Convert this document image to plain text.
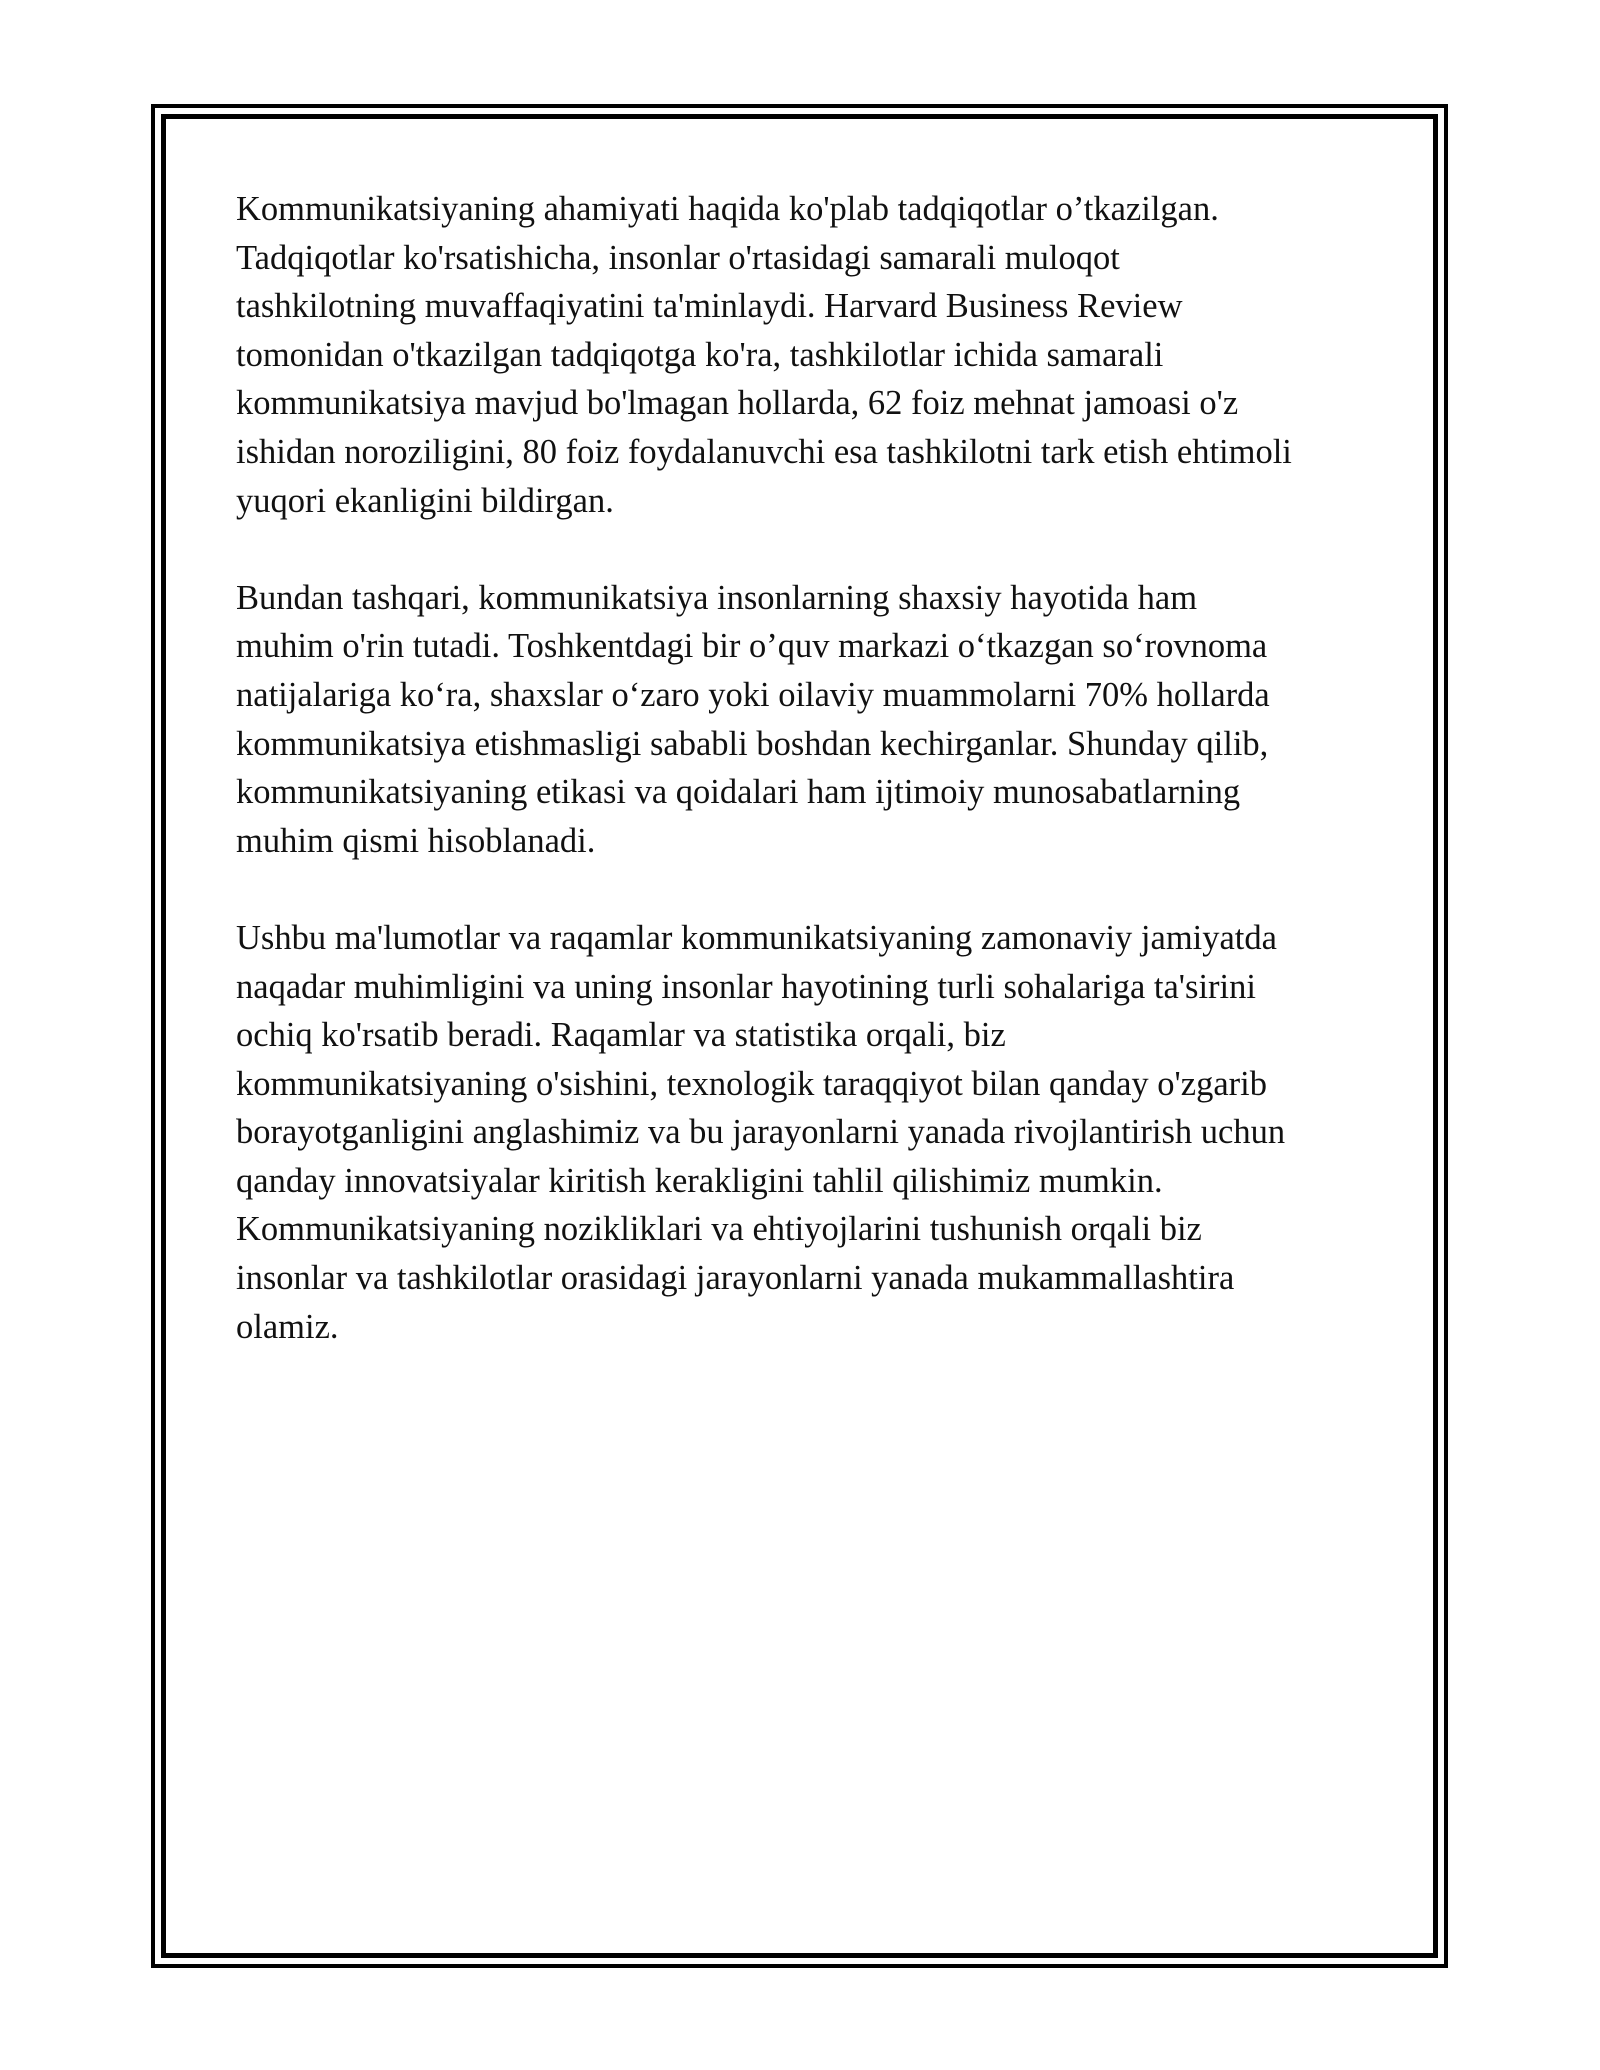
Kommunikatsiyaning ahamiyati haqida ko'plab tadqiqotlar o’tkazilgan.
Tadqiqotlar ko'rsatishicha, insonlar o'rtasidagi samarali muloqot
tashkilotning muvaffaqiyatini ta'minlaydi. Harvard Business Review
tomonidan o'tkazilgan tadqiqotga ko'ra, tashkilotlar ichida samarali
kommunikatsiya mavjud bo'lmagan hollarda, 62 foiz mehnat jamoasi o'z
ishidan noroziligini, 80 foiz foydalanuvchi esa tashkilotni tark etish ehtimoli
yuqori ekanligini bildirgan.

Bundan tashqari, kommunikatsiya insonlarning shaxsiy hayotida ham
muhim o'rin tutadi. Toshkentdagi bir o’quv markazi o‘tkazgan so‘rovnoma
natijalariga ko‘ra, shaxslar o‘zaro yoki oilaviy muammolarni 70% hollarda
kommunikatsiya etishmasligi sababli boshdan kechirganlar. Shunday qilib,
kommunikatsiyaning etikasi va qoidalari ham ijtimoiy munosabatlarning
muhim qismi hisoblanadi.

Ushbu ma'lumotlar va raqamlar kommunikatsiyaning zamonaviy jamiyatda
naqadar muhimligini va uning insonlar hayotining turli sohalariga ta'sirini
ochiq ko'rsatib beradi. Raqamlar va statistika orqali, biz
kommunikatsiyaning o'sishini, texnologik taraqqiyot bilan qanday o'zgarib
borayotganligini anglashimiz va bu jarayonlarni yanada rivojlantirish uchun
qanday innovatsiyalar kiritish kerakligini tahlil qilishimiz mumkin.
Kommunikatsiyaning nozikliklari va ehtiyojlarini tushunish orqali biz
insonlar va tashkilotlar orasidagi jarayonlarni yanada mukammallashtira
olamiz.
